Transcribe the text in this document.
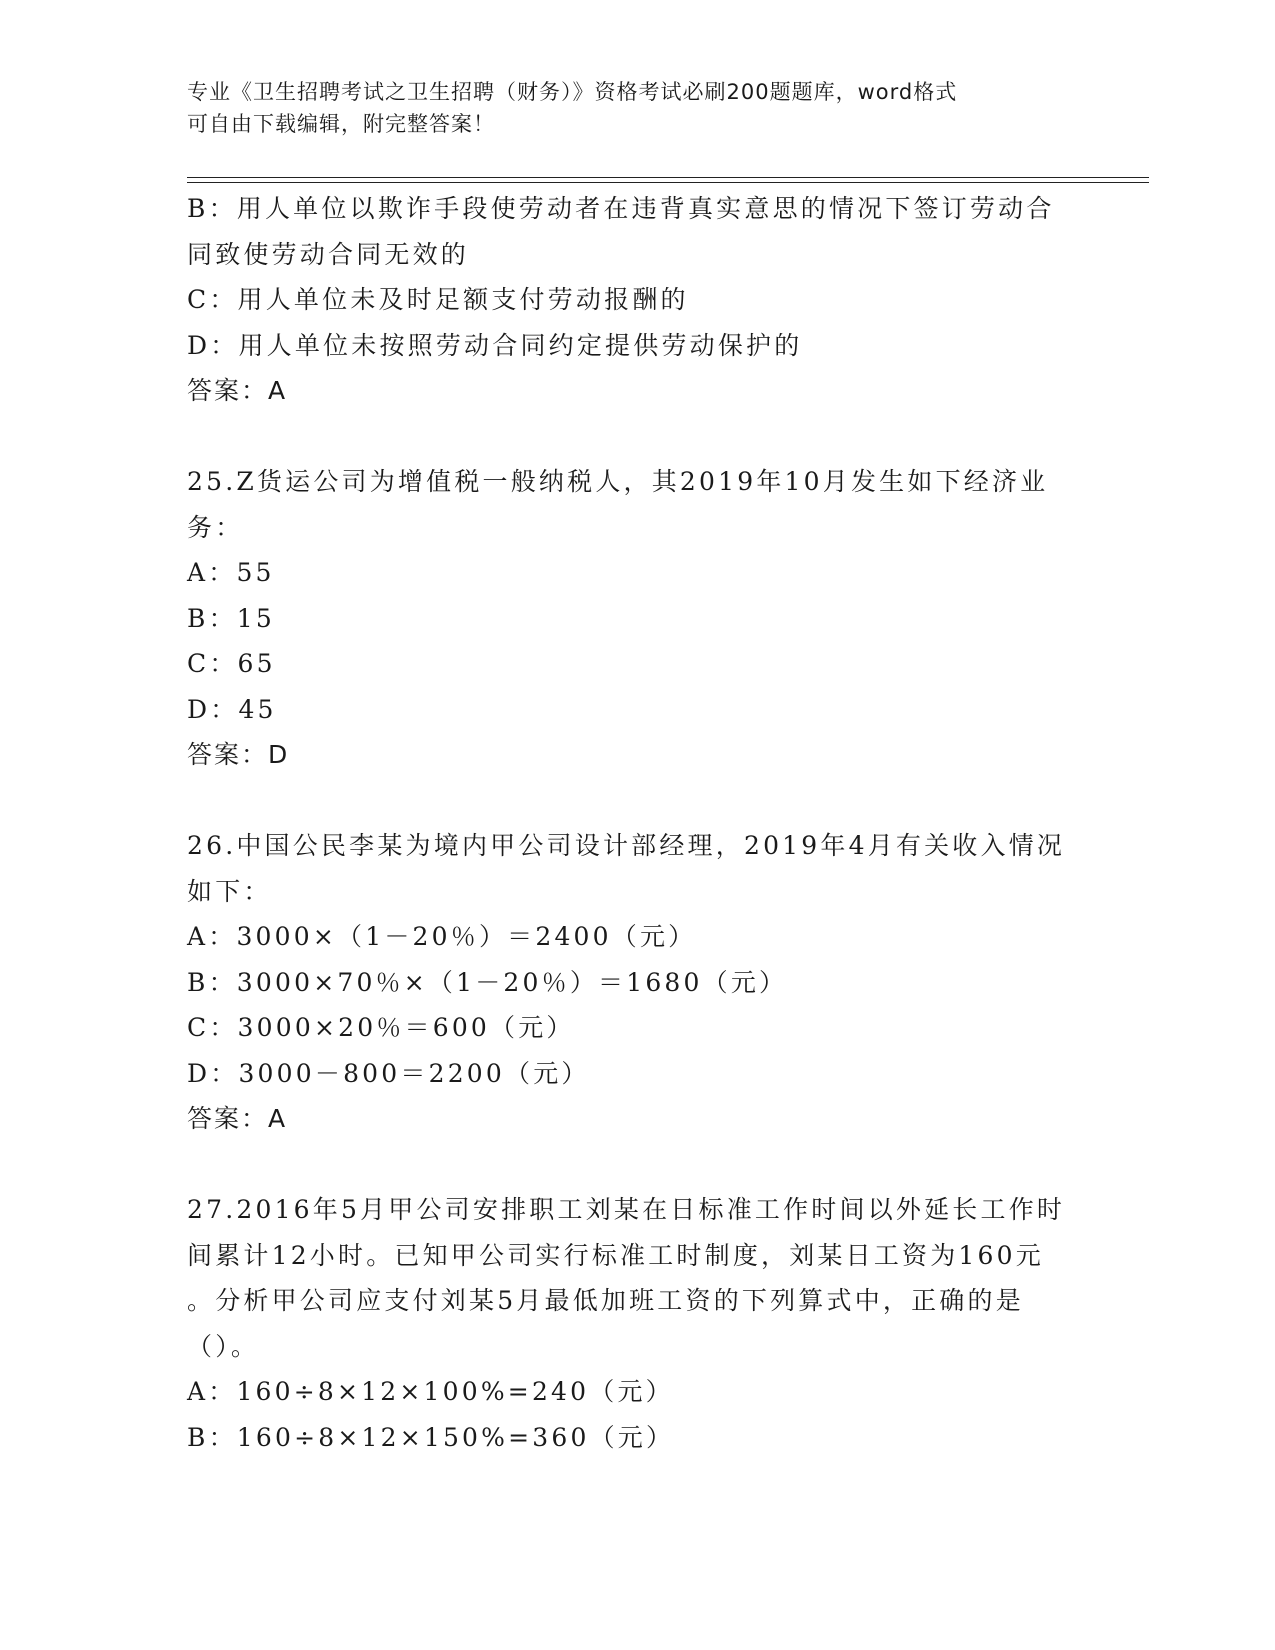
专业《卫生招聘考试之卫生招聘（财务）》资格考试必刷200题题库，word格式
可自由下载编辑，附完整答案！
B：用人单位以欺诈手段使劳动者在违背真实意思的情况下签订劳动合
同致使劳动合同无效的
C：用人单位未及时足额支付劳动报酬的
D：用人单位未按照劳动合同约定提供劳动保护的
答案：A
25.Z货运公司为增值税一般纳税人，其2019年10月发生如下经济业
务：
A：55
B：15
C：65
D：45
答案：D
26.中国公民李某为境内甲公司设计部经理，2019年4月有关收入情况
如下：
A：3000×（1－20％）＝2400（元）
B：3000×70％×（1－20％）＝1680（元）
C：3000×20％＝600（元）
D：3000－800＝2200（元）
答案：A
27.2016年5月甲公司安排职工刘某在日标准工作时间以外延长工作时
间累计12小时。已知甲公司实行标准工时制度，刘某日工资为160元
。分析甲公司应支付刘某5月最低加班工资的下列算式中，正确的是
（）。
A：160÷8×12×100%=240（元）
B：160÷8×12×150%=360（元）
